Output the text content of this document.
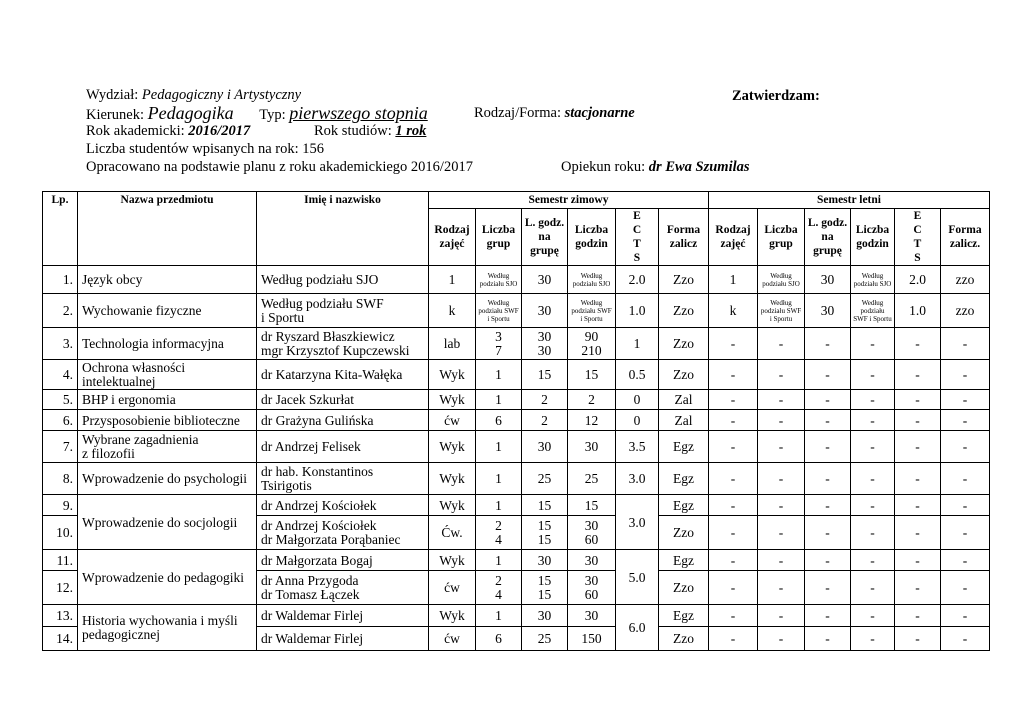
Wydział: Pedagogiczny i Artystyczny
Kierunek: Pedagogika Typ: pierwszego stopnia	Rodzaj/Forma: stacjonarne
Rok akademicki: 2016/2017	Rok studiów: 1 rok
Liczba studentów wpisanych na rok: 156
Opracowano na podstawie planu z roku akademickiego 2016/2017	Opiekun roku: dr Ewa Szumilas
Zatwierdzam:
Lp.	Nazwa przedmiotu	Imię i nazwisko	Semestr zimowy						Semestr letni					

			Rodzaj
zajęć	Liczba
grup	L. godz.
na
grupę	Liczba
godzin	E
C
T
S	Forma
zalicz	Rodzaj
zajęć	Liczba
grup	L. godz.
na
grupę	Liczba
godzin	E
C
T
S	Forma
zalicz.

1.	Język obcy	Według podziału SJO	1	Według podziału SJO	30	Według podziału SJO	2.0	Zzo	1	Według podziału SJO	30	Według podziału SJO	2.0	zzo
2.	Wychowanie fizyczne	Według podziału SWF
i Sportu	k	Według podziału SWF i Sportu	30	Według podziału SWF i Sportu	1.0	Zzo	k	Według podziału SWF i Sportu	30	Według podziału SWF i Sportu	1.0	zzo
3.	Technologia informacyjna	dr Ryszard Błaszkiewicz
mgr Krzysztof Kupczewski	lab	3
7	30
30	90
210	1	Zzo	-	-	-	-	-	-
4.	Ochrona własności
intelektualnej	dr Katarzyna Kita-Wałęka	Wyk	1	15	15	0.5	Zzo	-	-	-	-	-	-
5.	BHP i ergonomia	dr Jacek Szkurłat	Wyk	1	2	2	0	Zal	-	-	-	-	-	-
6.	Przysposobienie biblioteczne	dr Grażyna Gulińska	ćw	6	2	12	0	Zal	-	-	-	-	-	-
7.	Wybrane zagadnienia
z filozofii	dr Andrzej Felisek	Wyk	1	30	30	3.5	Egz	-	-	-	-	-	-
8.	Wprowadzenie do psychologii	dr hab. Konstantinos
Tsirigotis	Wyk	1	25	25	3.0	Egz	-	-	-	-	-	-
9.	Wprowadzenie do socjologii	dr Andrzej Kościołek	Wyk	1	15	15	3.0	Egz	-	-	-	-	-	-
10.		dr Andrzej Kościołek
dr Małgorzata Porąbaniec	Ćw.	2
4	15
15	30
60		Zzo	-	-	-	-	-	-
11.	Wprowadzenie do pedagogiki	dr Małgorzata Bogaj	Wyk	1	30	30	5.0	Egz	-	-	-	-	-	-
12.		dr Anna Przygoda
dr Tomasz Łączek	ćw	2
4	15
15	30
60		Zzo	-	-	-	-	-	-
13.	Historia wychowania i myśli
pedagogicznej	dr Waldemar Firlej	Wyk	1	30	30	6.0	Egz	-	-	-	-	-	-
14.		dr Waldemar Firlej	ćw	6	25	150		Zzo	-	-	-	-	-	-
